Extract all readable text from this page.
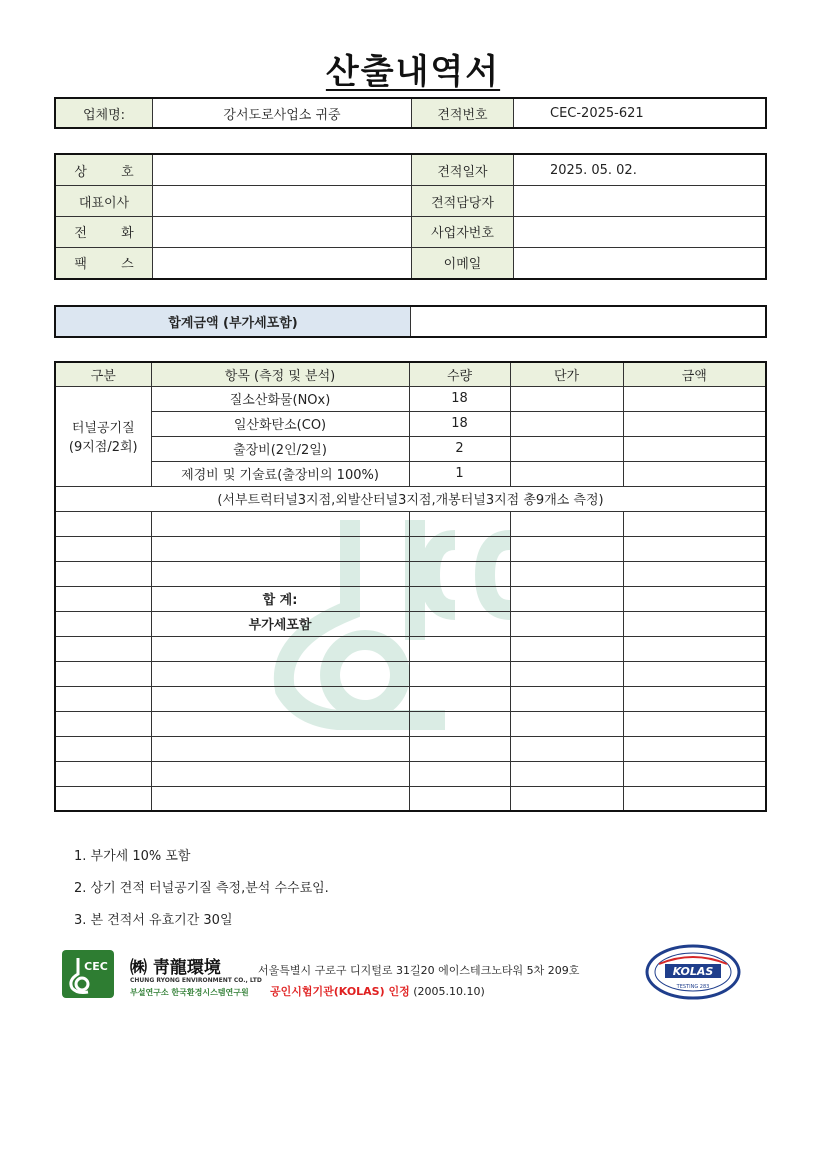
산출내역서
업체명:	강서도로사업소 귀중	견적번호	CEC-2025-621
상 호		견적일자	2025. 05. 02.
대표이사		견적담당자	
전 화		사업자번호	
팩 스		이메일	
합계금액 (부가세포함)	
구분	항목 (측정 및 분석)	수량	단가	금액

터널공기질
(9지점/2회)	질소산화물(NOx)	18		
	일산화탄소(CO)	18		
	출장비(2인/2일)	2		
	제경비 및 기술료(출장비의 100%)	1		
(서부트럭터널3지점,외발산터널3지점,개봉터널3지점 총9개소 측정)				

	합 계:			
	부가세포함			

1. 부가세 10% 포함
2. 상기 견적 터널공기질 측정,분석 수수료임.
3. 본 견적서 유효기간 30일
CEC ㈱ 靑龍環境
CHUNG RYONG ENVIRONMENT CO., LTD
부설연구소 한국환경시스템연구원
서울특별시 구로구 디지털로 31길20 에이스테크노타워 5차 209호
공인시험기관(KOLAS) 인정 (2005.10.10)
KOLAS
TESTING 283
